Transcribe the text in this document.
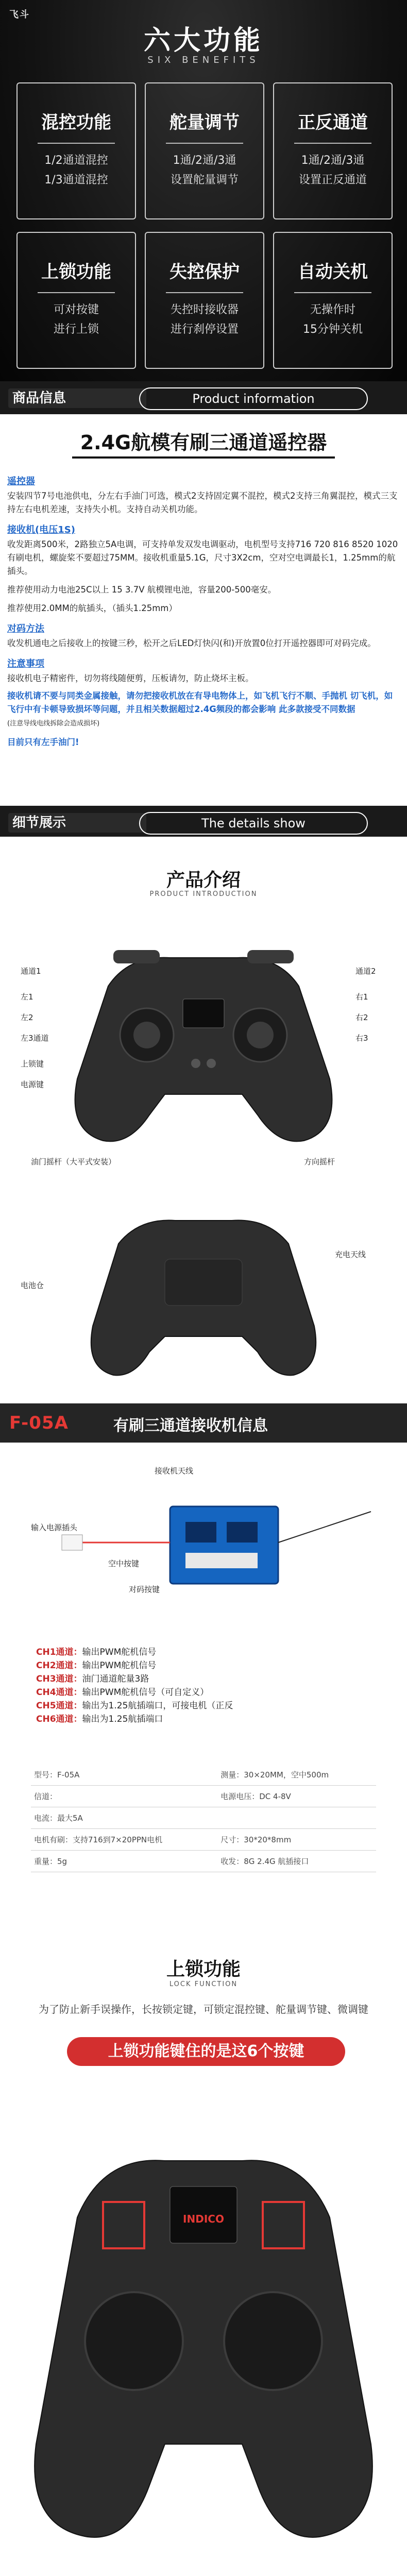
飞斗
六大功能
SIX BENEFITS
混控功能
1/2通道混控
1/3通道混控
舵量调节
1通/2通/3通
设置舵量调节
正反通道
1通/2通/3通
设置正反通道
上锁功能
可对按键
进行上锁
失控保护
失控时接收器
进行刹停设置
自动关机
无操作时
15分钟关机
商品信息	Product information
2.4G航模有刷三通道遥控器
遥控器
安装四节7号电池供电，分左右手油门可选，模式2支持固定翼不混控，模式2支持三角翼混控，模式三支持左右电机差速，支持失小机。支持自动关机功能。
接收机(电压1S)
收发距离500米，2路独立5A电调，可支持单发双发电调驱动，电机型号支持716 720 816 8520 1020有刷电机，螺旋桨不要超过75MM。接收机重量5.1G，尺寸3X2cm，空对空电调最长1，1.25mm的航插头。
推荐使用动力电池25C以上 15 3.7V 航模锂电池，容量200-500毫安。
推荐使用2.0MM的航插头，（插头1.25mm）
对码方法
收发机通电之后接收上的按键三秒，松开之后LED灯快闪(和)开放置0位打开遥控器即可对码完成。
注意事项
接收机电子精密件，切勿将线随便剪，压板请勿，防止烧坏主板。
接收机请不要与同类金属接触，请勿把接收机放在有导电物体上，如飞机飞行不顺、手抛机 切飞机，如飞行中有卡顿导致损坏等问题，并且相关数据超过2.4G频段的都会影响 此多款接受不同数据
(注意导线电线拆除会造成损坏)
目前只有左手油门!
细节展示	The details show
产品介绍
PRODUCT INTRODUCTION
通道1
左1
左2
左3通道
上锁键
电源键
通道2
右1
右2
右3
油门摇杆（大平式安装）	方向摇杆
电池仓
充电天线
F-05A	有刷三通道接收机信息
接收机天线
输入电源插头
空中按键
对码按键
CH1通道：输出PWM舵机信号
CH2通道：输出PWM舵机信号
CH3通道：油门通道舵量3路
CH4通道：输出PWM舵机信号（可自定义）
CH5通道：输出为1.25航插端口，可接电机（正反
CH6通道：输出为1.25航插端口
型号：F-05A	测量：30×20MM，空中500m
信道：	电源电压：DC 4-8V
电流：最大5A	
电机有刷：支持716到7×20PPN电机	尺寸：30*20*8mm
重量：5g	收发：8G 2.4G 航插接口
上锁功能
LOCK FUNCTION
为了防止新手误操作，长按锁定键，可锁定混控键、舵量调节键、微调键
上锁功能键住的是这6个按键
INDICO
